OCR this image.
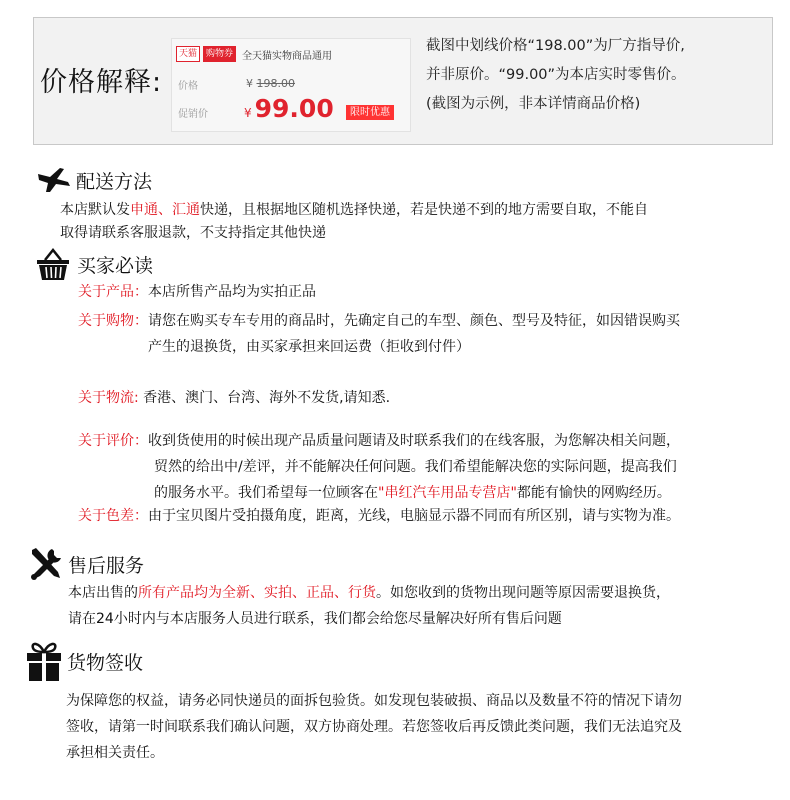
价格解释:
天猫	购物券 全天猫实物商品通用
价格	¥ 198.00
促销价	¥ 99.00	限时优惠
截图中划线价格“198.00”为厂方指导价,
并非原价。“99.00”为本店实时零售价。
(截图为示例，非本详情商品价格)
配送方法
本店默认发申通、汇通快递，且根据地区随机选择快递，若是快递不到的地方需要自取，不能自
取得请联系客服退款，不支持指定其他快递
买家必读
关于产品：本店所售产品均为实拍正品
关于购物：请您在购买专车专用的商品时，先确定自己的车型、颜色、型号及特征，如因错误购买
产生的退换货，由买家承担来回运费（拒收到付件）
关于物流: 香港、澳门、台湾、海外不发货,请知悉.
关于评价：收到货使用的时候出现产品质量问题请及时联系我们的在线客服，为您解决相关问题，
贸然的给出中/差评，并不能解决任何问题。我们希望能解决您的实际问题，提高我们
的服务水平。我们希望每一位顾客在"串红汽车用品专营店"都能有愉快的网购经历。
关于色差：由于宝贝图片受拍摄角度，距离，光线，电脑显示器不同而有所区别，请与实物为准。
售后服务
本店出售的所有产品均为全新、实拍、正品、行货。如您收到的货物出现问题等原因需要退换货，
请在24小时内与本店服务人员进行联系，我们都会给您尽量解决好所有售后问题
货物签收
为保障您的权益，请务必同快递员的面拆包验货。如发现包装破损、商品以及数量不符的情况下请勿
签收，请第一时间联系我们确认问题，双方协商处理。若您签收后再反馈此类问题，我们无法追究及
承担相关责任。
